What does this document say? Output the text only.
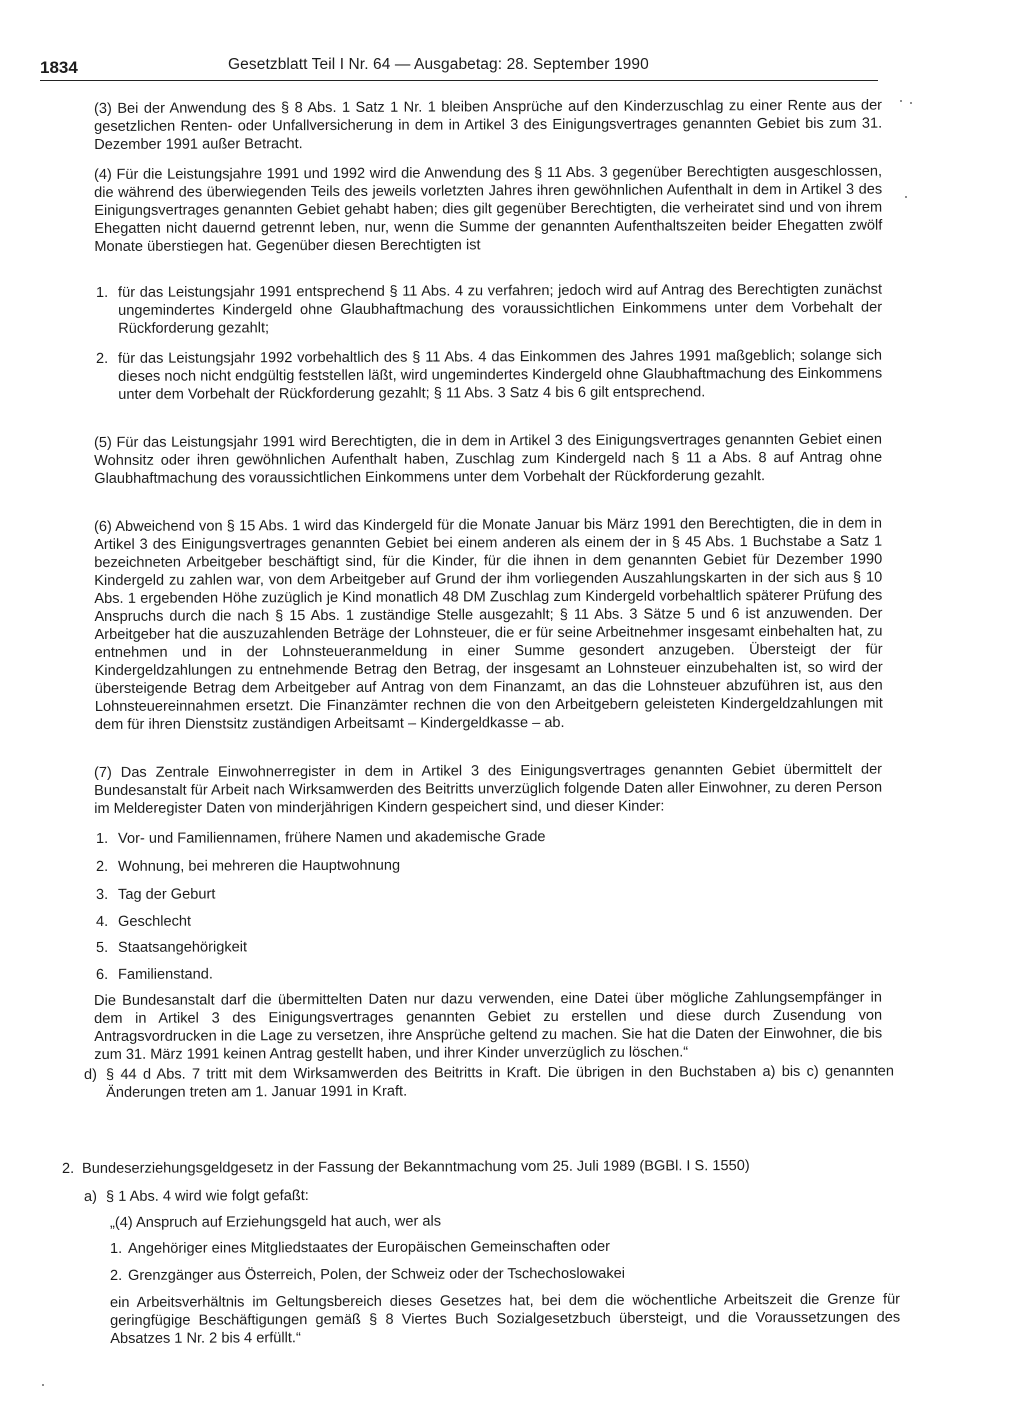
1834	Gesetzblatt Teil I Nr. 64 — Ausgabetag: 28. September 1990
(3) Bei der Anwendung des § 8 Abs. 1 Satz 1 Nr. 1 bleiben Ansprüche auf den Kinderzuschlag zu einer Rente aus der gesetzlichen Renten- oder Unfallversicherung in dem in Artikel 3 des Einigungsvertrages genannten Gebiet bis zum 31. Dezember 1991 außer Betracht.
(4) Für die Leistungsjahre 1991 und 1992 wird die Anwendung des § 11 Abs. 3 gegenüber Berechtigten ausgeschlossen, die während des überwiegenden Teils des jeweils vorletzten Jahres ihren gewöhnlichen Aufenthalt in dem in Artikel 3 des Einigungsvertrages genannten Gebiet gehabt haben; dies gilt gegenüber Berechtigten, die verheiratet sind und von ihrem Ehegatten nicht dauernd getrennt leben, nur, wenn die Summe der genannten Aufenthaltszeiten beider Ehegatten zwölf Monate überstiegen hat. Gegenüber diesen Berechtigten ist
1. für das Leistungsjahr 1991 entsprechend § 11 Abs. 4 zu verfahren; jedoch wird auf Antrag des Berechtigten zunächst ungemindertes Kindergeld ohne Glaubhaftmachung des voraussichtlichen Einkommens unter dem Vorbehalt der Rückforderung gezahlt;
2. für das Leistungsjahr 1992 vorbehaltlich des § 11 Abs. 4 das Einkommen des Jahres 1991 maßgeblich; solange sich dieses noch nicht endgültig feststellen läßt, wird ungemindertes Kindergeld ohne Glaubhaftmachung des Einkommens unter dem Vorbehalt der Rückforderung gezahlt; § 11 Abs. 3 Satz 4 bis 6 gilt entsprechend.
(5) Für das Leistungsjahr 1991 wird Berechtigten, die in dem in Artikel 3 des Einigungsvertrages genannten Gebiet einen Wohnsitz oder ihren gewöhnlichen Aufenthalt haben, Zuschlag zum Kindergeld nach § 11 a Abs. 8 auf Antrag ohne Glaubhaftmachung des voraussichtlichen Einkommens unter dem Vorbehalt der Rückforderung gezahlt.
(6) Abweichend von § 15 Abs. 1 wird das Kindergeld für die Monate Januar bis März 1991 den Berechtigten, die in dem in Artikel 3 des Einigungsvertrages genannten Gebiet bei einem anderen als einem der in § 45 Abs. 1 Buchstabe a Satz 1 bezeichneten Arbeitgeber beschäftigt sind, für die Kinder, für die ihnen in dem genannten Gebiet für Dezember 1990 Kindergeld zu zahlen war, von dem Arbeitgeber auf Grund der ihm vorliegenden Auszahlungskarten in der sich aus § 10 Abs. 1 ergebenden Höhe zuzüglich je Kind monatlich 48 DM Zuschlag zum Kindergeld vorbehaltlich späterer Prüfung des Anspruchs durch die nach § 15 Abs. 1 zuständige Stelle ausgezahlt; § 11 Abs. 3 Sätze 5 und 6 ist anzuwenden. Der Arbeitgeber hat die auszuzahlenden Beträge der Lohnsteuer, die er für seine Arbeitnehmer insgesamt einbehalten hat, zu entnehmen und in der Lohnsteueranmeldung in einer Summe gesondert anzugeben. Übersteigt der für Kindergeldzahlungen zu entnehmende Betrag den Betrag, der insgesamt an Lohnsteuer einzubehalten ist, so wird der übersteigende Betrag dem Arbeitgeber auf Antrag von dem Finanzamt, an das die Lohnsteuer abzuführen ist, aus den Lohnsteuereinnahmen ersetzt. Die Finanzämter rechnen die von den Arbeitgebern geleisteten Kindergeldzahlungen mit dem für ihren Dienstsitz zuständigen Arbeitsamt – Kindergeldkasse – ab.
(7) Das Zentrale Einwohnerregister in dem in Artikel 3 des Einigungsvertrages genannten Gebiet übermittelt der Bundesanstalt für Arbeit nach Wirksamwerden des Beitritts unverzüglich folgende Daten aller Einwohner, zu deren Person im Melderegister Daten von minderjährigen Kindern gespeichert sind, und dieser Kinder:
1. Vor- und Familiennamen, frühere Namen und akademische Grade
2. Wohnung, bei mehreren die Hauptwohnung
3. Tag der Geburt
4. Geschlecht
5. Staatsangehörigkeit
6. Familienstand.
Die Bundesanstalt darf die übermittelten Daten nur dazu verwenden, eine Datei über mögliche Zahlungsempfänger in dem in Artikel 3 des Einigungsvertrages genannten Gebiet zu erstellen und diese durch Zusendung von Antragsvordrucken in die Lage zu versetzen, ihre Ansprüche geltend zu machen. Sie hat die Daten der Einwohner, die bis zum 31. März 1991 keinen Antrag gestellt haben, und ihrer Kinder unverzüglich zu löschen.“
d) § 44 d Abs. 7 tritt mit dem Wirksamwerden des Beitritts in Kraft. Die übrigen in den Buchstaben a) bis c) genannten Änderungen treten am 1. Januar 1991 in Kraft.
2. Bundeserziehungsgeldgesetz in der Fassung der Bekanntmachung vom 25. Juli 1989 (BGBl. I S. 1550)
a) § 1 Abs. 4 wird wie folgt gefaßt:
„(4) Anspruch auf Erziehungsgeld hat auch, wer als
1. Angehöriger eines Mitgliedstaates der Europäischen Gemeinschaften oder
2. Grenzgänger aus Österreich, Polen, der Schweiz oder der Tschechoslowakei
ein Arbeitsverhältnis im Geltungsbereich dieses Gesetzes hat, bei dem die wöchentliche Arbeitszeit die Grenze für geringfügige Beschäftigungen gemäß § 8 Viertes Buch Sozialgesetzbuch übersteigt, und die Voraussetzungen des Absatzes 1 Nr. 2 bis 4 erfüllt.“
